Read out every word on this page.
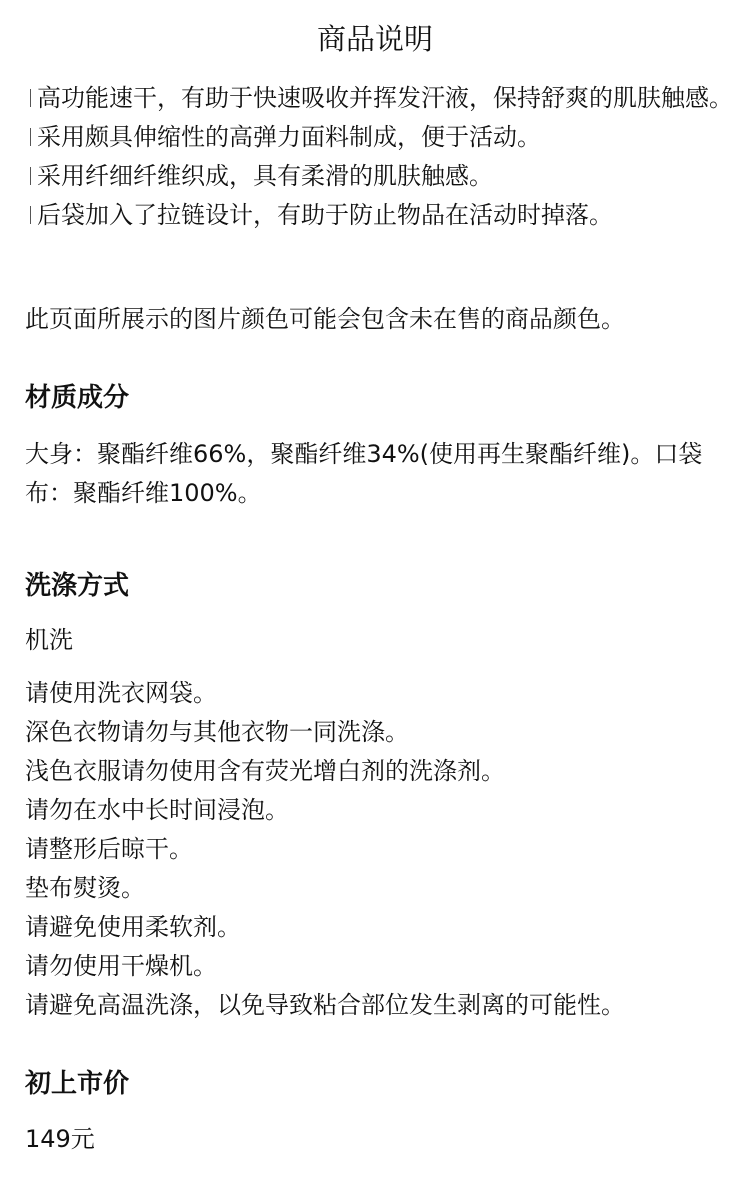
商品说明
高功能速干，有助于快速吸收并挥发汗液，保持舒爽的肌肤触感。
采用颇具伸缩性的高弹力面料制成，便于活动。
采用纤细纤维织成，具有柔滑的肌肤触感。
后袋加入了拉链设计，有助于防止物品在活动时掉落。
此页面所展示的图片颜色可能会包含未在售的商品颜色。
材质成分

大身：聚酯纤维66%，聚酯纤维34%(使用再生聚酯纤维)。口袋布：聚酯纤维100%。

洗涤方式

机洗

请使用洗衣网袋。
深色衣物请勿与其他衣物一同洗涤。
浅色衣服请勿使用含有荧光增白剂的洗涤剂。
请勿在水中长时间浸泡。
请整形后晾干。
垫布熨烫。
请避免使用柔软剂。
请勿使用干燥机。
请避免高温洗涤，以免导致粘合部位发生剥离的可能性。
初上市价

149元
